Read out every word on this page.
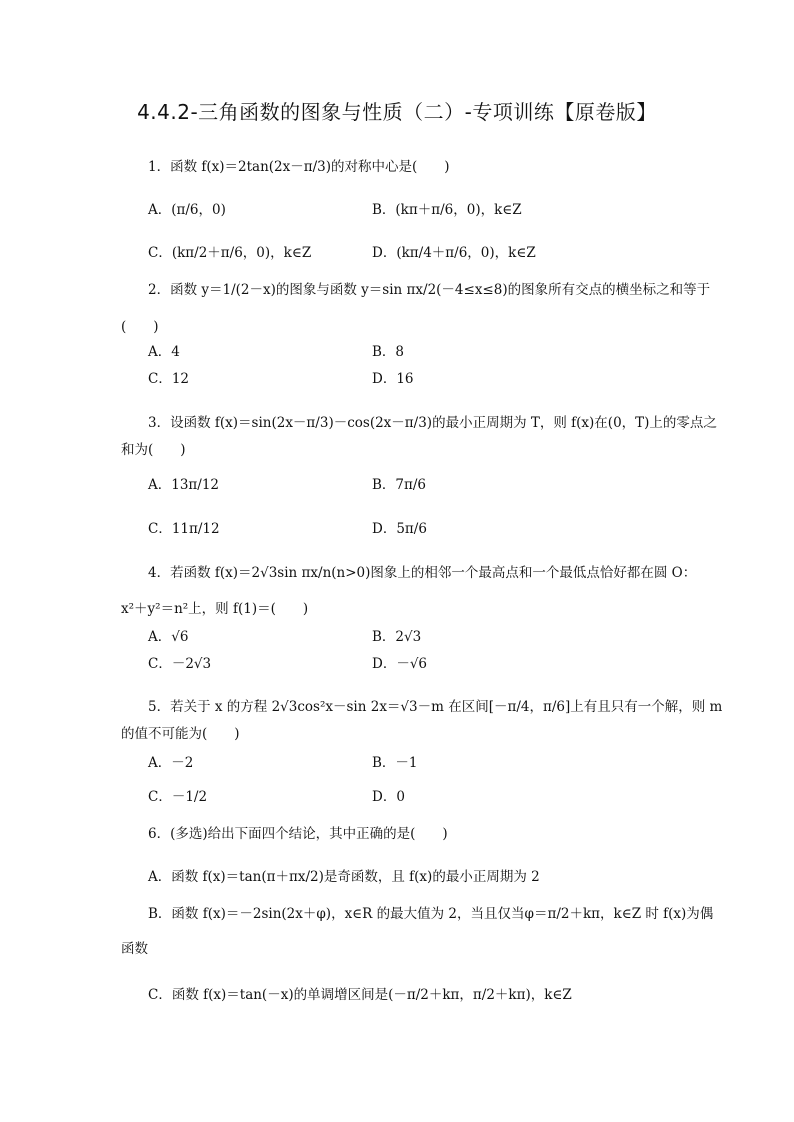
4.4.2-三角函数的图象与性质（二）-专项训练【原卷版】
1．函数 f(x)＝2tan(2x－π/3)的对称中心是(　　)
A．(π/6，0)	B．(kπ＋π/6，0)，k∈Z
C．(kπ/2＋π/6，0)，k∈Z	D．(kπ/4＋π/6，0)，k∈Z
2．函数 y＝1/(2－x)的图象与函数 y＝sin πx/2(－4≤x≤8)的图象所有交点的横坐标之和等于
(　　)
A．4	B．8
C．12	D．16
3．设函数 f(x)＝sin(2x－π/3)－cos(2x－π/3)的最小正周期为 T，则 f(x)在(0，T)上的零点之
和为(　　)
A．13π/12	B．7π/6
C．11π/12	D．5π/6
4．若函数 f(x)＝2√3sin πx/n(n>0)图象上的相邻一个最高点和一个最低点恰好都在圆 O：
x²＋y²＝n²上，则 f(1)＝(　　)
A．√6	B．2√3
C．－2√3	D．－√6
5．若关于 x 的方程 2√3cos²x－sin 2x＝√3－m 在区间[－π/4，π/6]上有且只有一个解，则 m
的值不可能为(　　)
A．－2	B．－1
C．－1/2	D．0
6．(多选)给出下面四个结论，其中正确的是(　　)
A．函数 f(x)＝tan(π＋πx/2)是奇函数，且 f(x)的最小正周期为 2
B．函数 f(x)＝－2sin(2x＋φ)，x∈R 的最大值为 2，当且仅当φ＝π/2＋kπ，k∈Z 时 f(x)为偶
函数
C．函数 f(x)＝tan(－x)的单调增区间是(－π/2＋kπ，π/2＋kπ)，k∈Z
